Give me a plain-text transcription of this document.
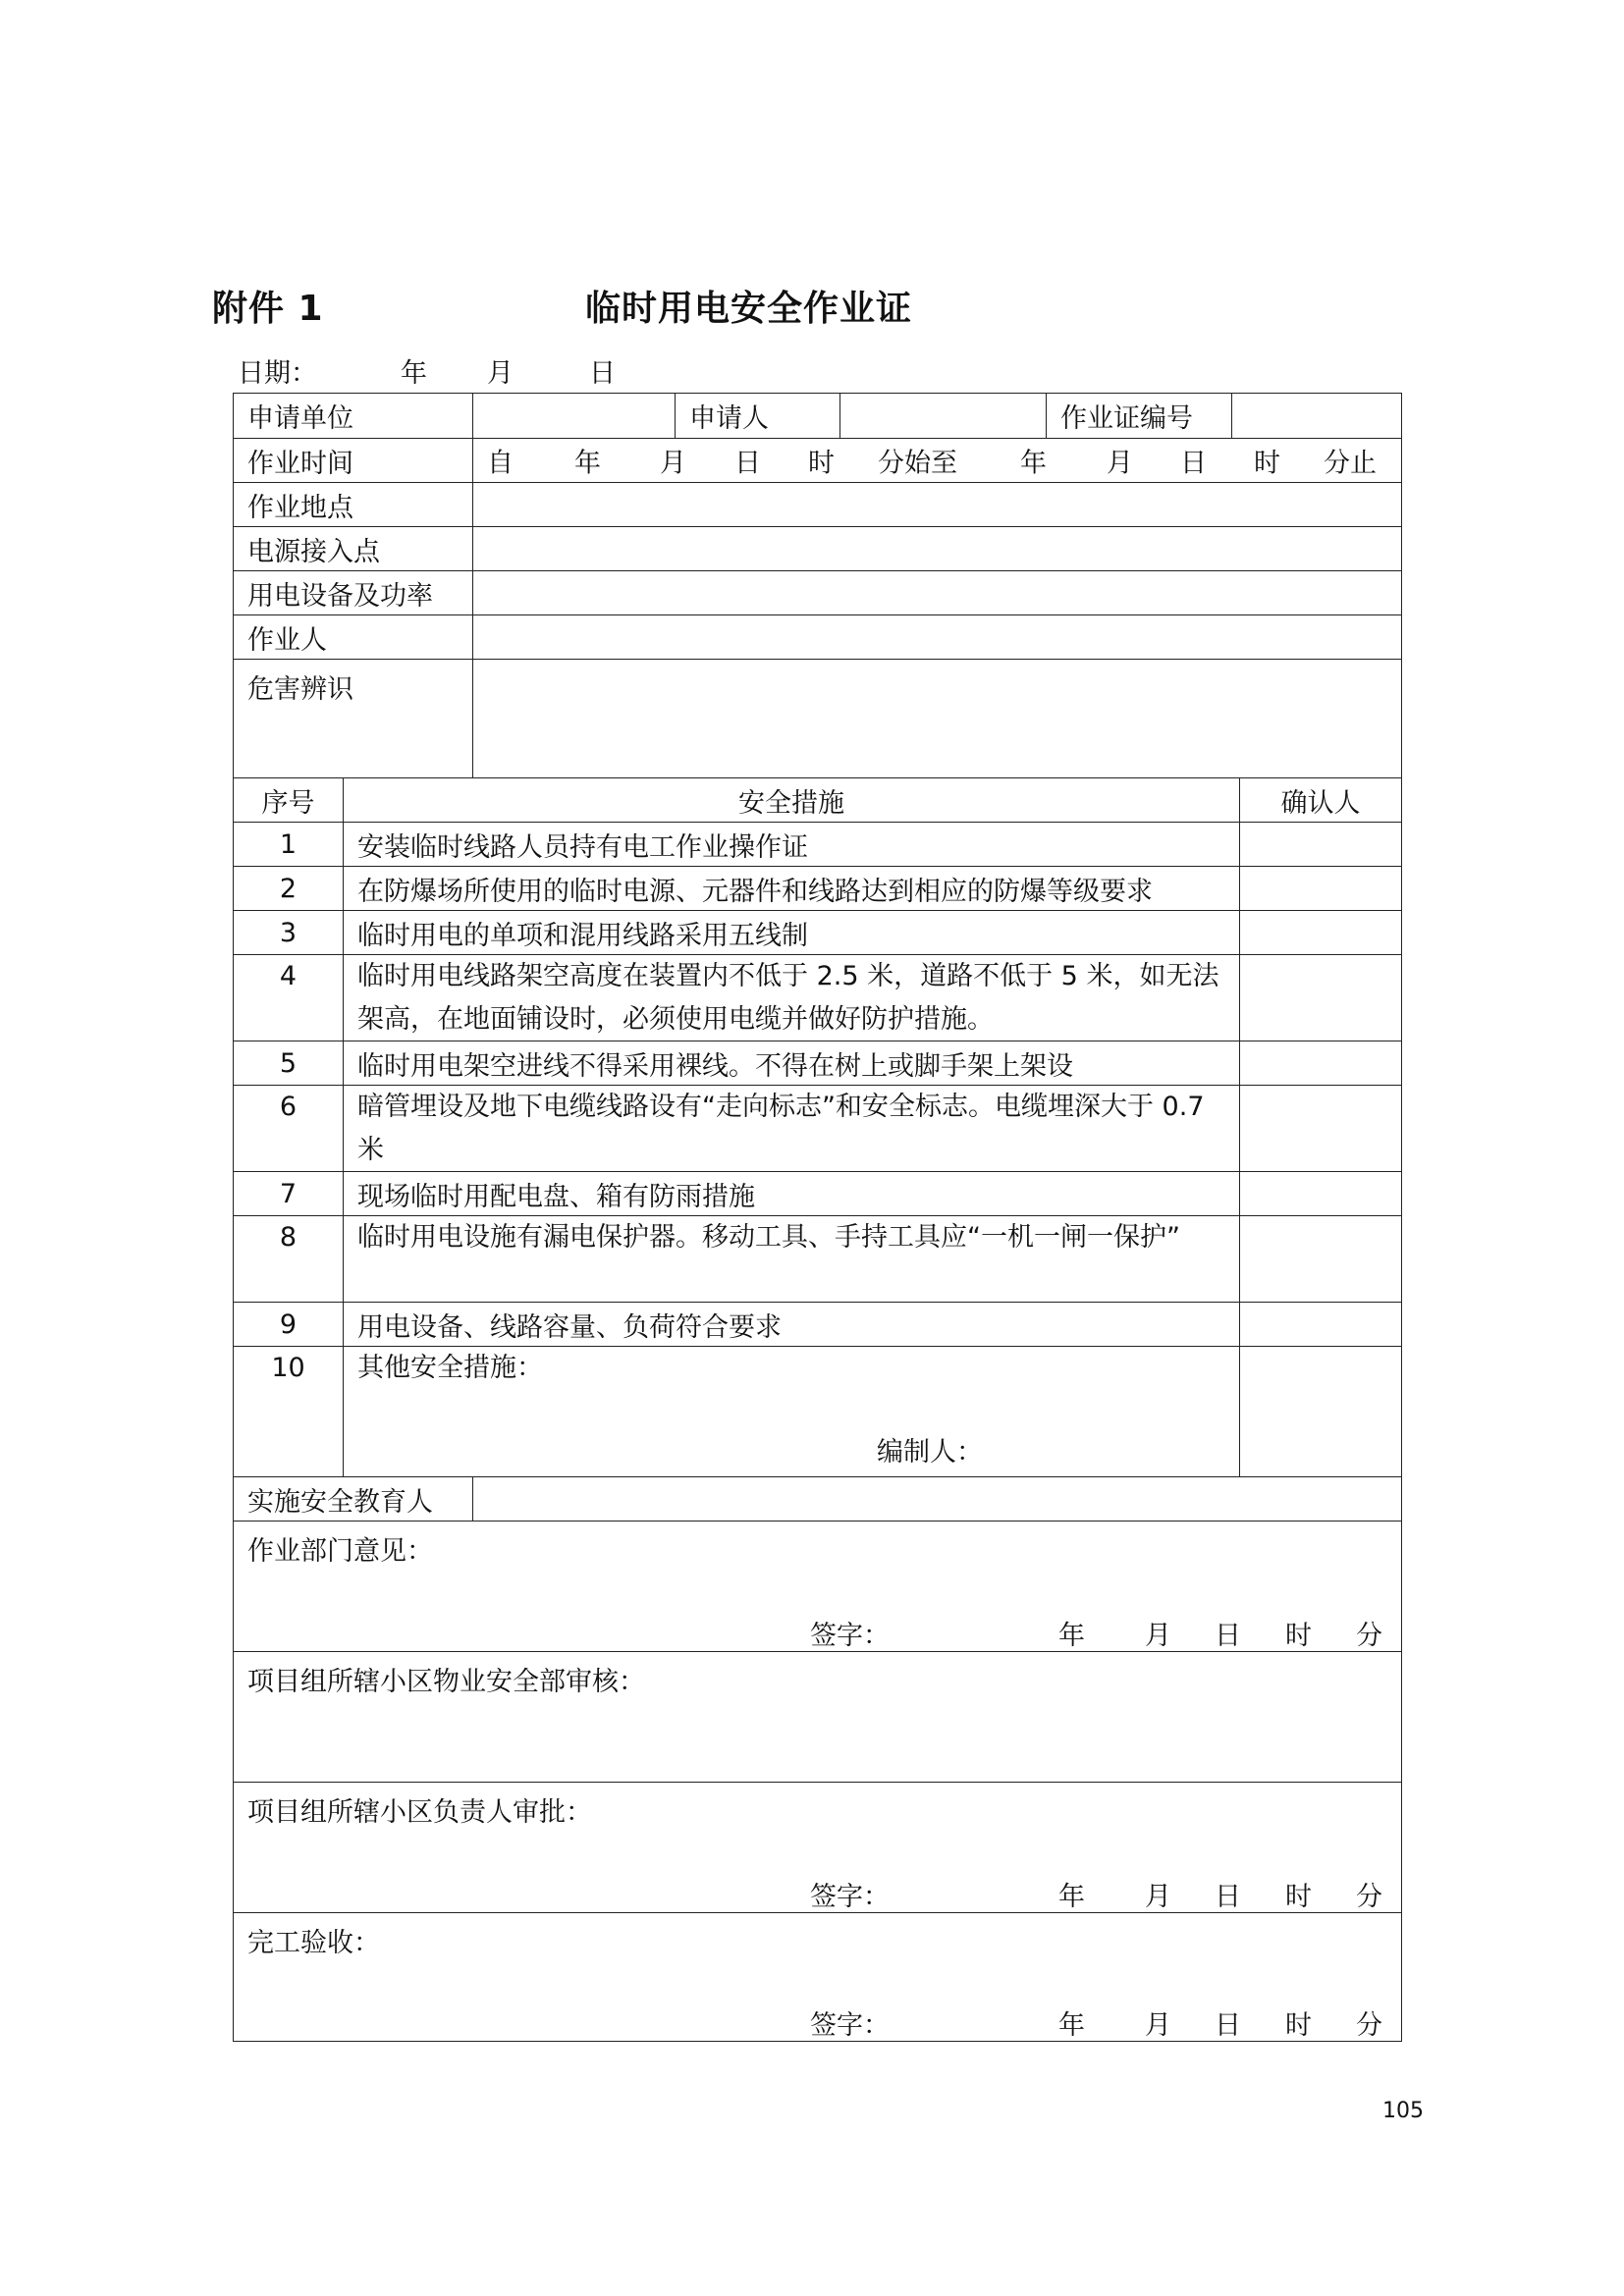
附件 1	临时用电安全作业证
日期：	年 月	日
申请单位	申请人	作业证编号
作业时间	自 年 月 日 时 分始至 年 月 日 时 分止
作业地点
电源接入点
用电设备及功率
作业人
危害辨识
序号	安全措施	确认人
1	安装临时线路人员持有电工作业操作证
2	在防爆场所使用的临时电源、元器件和线路达到相应的防爆等级要求
3	临时用电的单项和混用线路采用五线制
4	临时用电线路架空高度在装置内不低于 2.5 米，道路不低于 5 米，如无法架高，在地面铺设时，必须使用电缆并做好防护措施。
5	临时用电架空进线不得采用裸线。不得在树上或脚手架上架设
6	暗管埋设及地下电缆线路设有“走向标志”和安全标志。电缆埋深大于 0.7 米
7	现场临时用配电盘、箱有防雨措施
8	临时用电设施有漏电保护器。移动工具、手持工具应“一机一闸一保护”
9	用电设备、线路容量、负荷符合要求
10	其他安全措施：
编制人：
实施安全教育人
作业部门意见：
签字：	年 月 日 时 分
项目组所辖小区物业安全部审核：
项目组所辖小区负责人审批：
签字：	年 月 日 时 分
完工验收：
签字：	年 月 日 时 分
105
